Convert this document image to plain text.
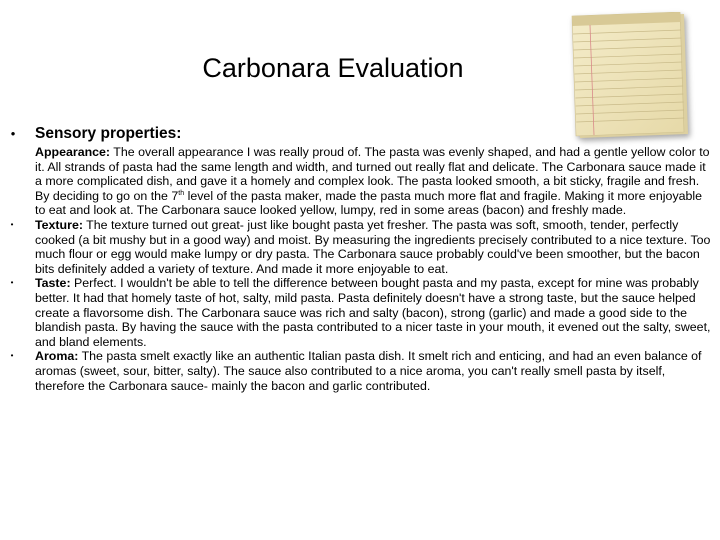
Carbonara Evaluation
• Sensory properties:

Appearance: The overall appearance I was really proud of. The pasta was evenly shaped, and had a gentle yellow color to it. All strands of pasta had the same length and width, and turned out really flat and delicate. The Carbonara sauce made it a more complicated dish, and gave it a homely and complex look. The pasta looked smooth, a bit sticky, fragile and fresh. By deciding to go on the 7th level of the pasta maker, made the pasta much more flat and fragile. Making it more enjoyable to eat and look at. The Carbonara sauce looked yellow, lumpy, red in some areas (bacon) and freshly made.

• Texture: The texture turned out great- just like bought pasta yet fresher. The pasta was soft, smooth, tender, perfectly cooked (a bit mushy but in a good way) and moist. By measuring the ingredients precisely contributed to a nice texture. Too much flour or egg would make lumpy or dry pasta. The Carbonara sauce probably could've been smoother, but the bacon bits definitely added a variety of texture. And made it more enjoyable to eat.

• Taste: Perfect. I wouldn't be able to tell the difference between bought pasta and my pasta, except for mine was probably better. It had that homely taste of hot, salty, mild pasta. Pasta definitely doesn't have a strong taste, but the sauce helped create a flavorsome dish. The Carbonara sauce was rich and salty (bacon), strong (garlic) and made a good side to the blandish pasta. By having the sauce with the pasta contributed to a nicer taste in your mouth, it evened out the salty, sweet, and bland elements.

• Aroma: The pasta smelt exactly like an authentic Italian pasta dish. It smelt rich and enticing, and had an even balance of aromas (sweet, sour, bitter, salty). The sauce also contributed to a nice aroma, you can't really smell pasta by itself, therefore the Carbonara sauce- mainly the bacon and garlic contributed.
